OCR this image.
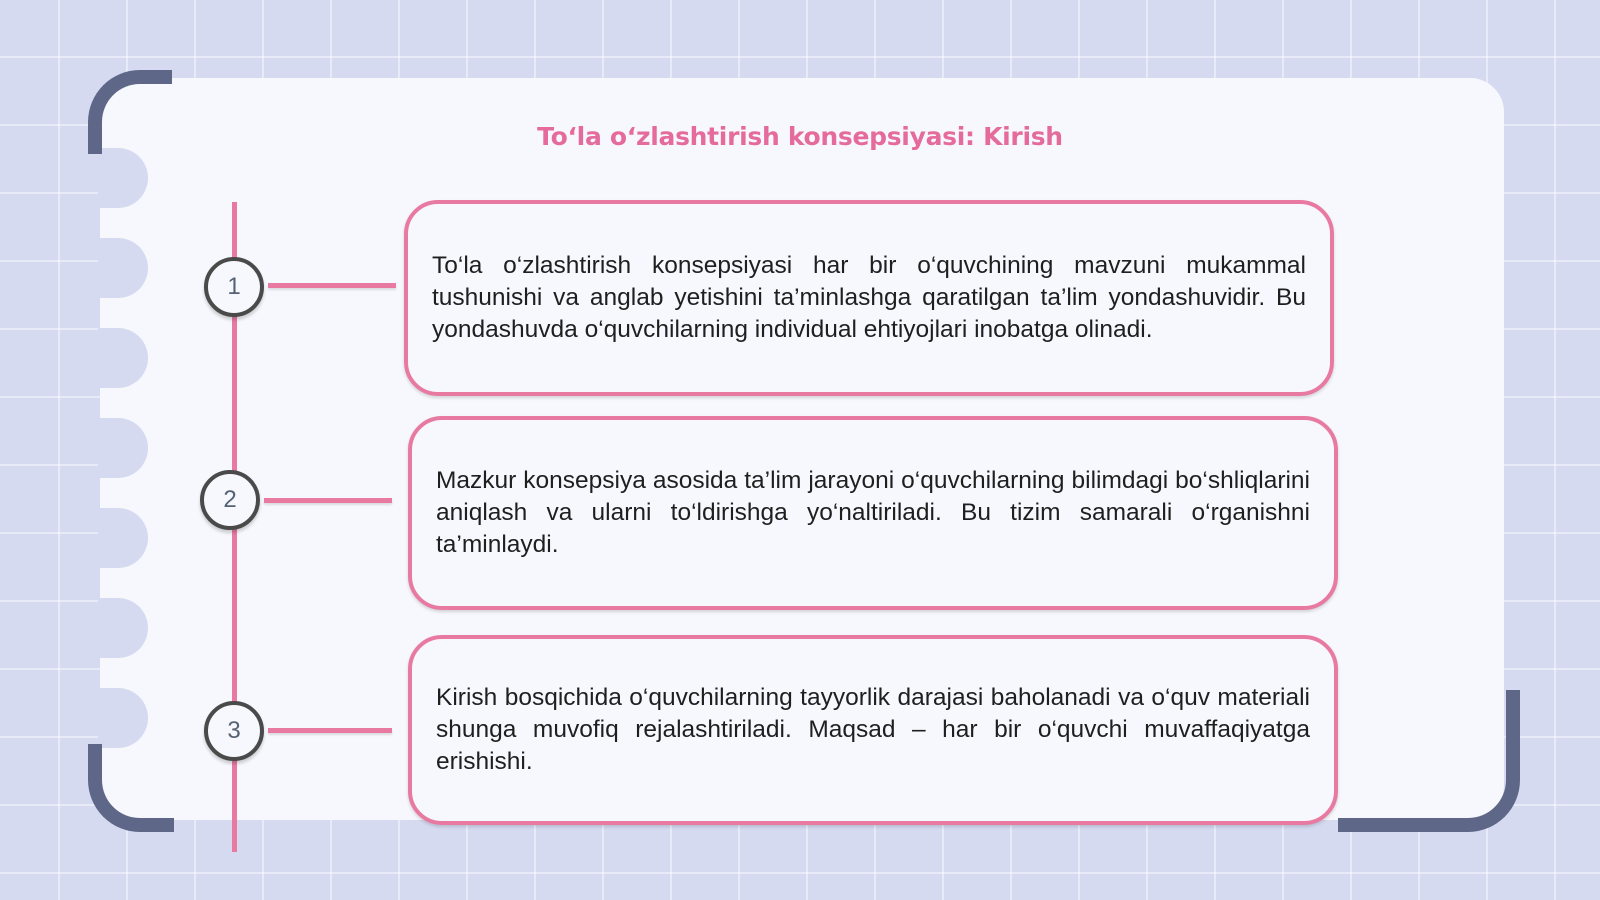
To‘la o‘zlashtirish konsepsiyasi: Kirish
1
2
3

To‘la o‘zlashtirish konsepsiyasi har bir o‘quvchining mavzuni mukammal tushunishi va anglab yetishini ta’minlashga qaratilgan ta’lim yondashuvidir. Bu yondashuvda o‘quvchilarning individual ehtiyojlari inobatga olinadi.

Mazkur konsepsiya asosida ta’lim jarayoni o‘quvchilarning bilimdagi bo‘shliqlarini aniqlash va ularni to‘ldirishga yo‘naltiriladi. Bu tizim samarali o‘rganishni ta’minlaydi.

Kirish bosqichida o‘quvchilarning tayyorlik darajasi baholanadi va o‘quv materiali shunga muvofiq rejalashtiriladi. Maqsad – har bir o‘quvchi muvaffaqiyatga erishishi.
